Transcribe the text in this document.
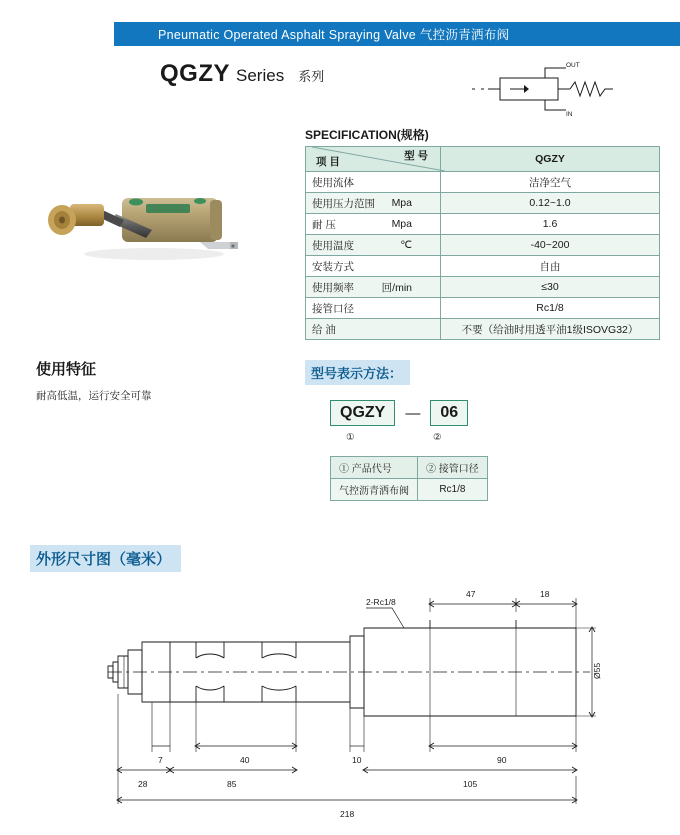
Pneumatic Operated Asphalt Spraying Valve 气控沥青洒布阀
QGZY Series 系列
OUT
IN
SPECIFICATION(规格)
项 目 型 号	QGZY

使用流体	洁净空气

使用压力范围 Mpa	0.12~1.0

耐 压 Mpa	1.6

使用温度 ℃	-40~200

安装方式	自由

使用频率 回/min	≤30

接管口径	Rc1/8

给 油	不要（给油时用透平油1级ISOVG32）
使用特征
耐高低温，运行安全可靠
型号表示方法：
QGZY	—	06
①	②
① 产品代号	② 接管口径
气控沥青洒布阀	Rc1/8
外形尺寸图（毫米）
2-Rc1/8
47	18
40
7	10	90
28	85	105
218
Ø55
